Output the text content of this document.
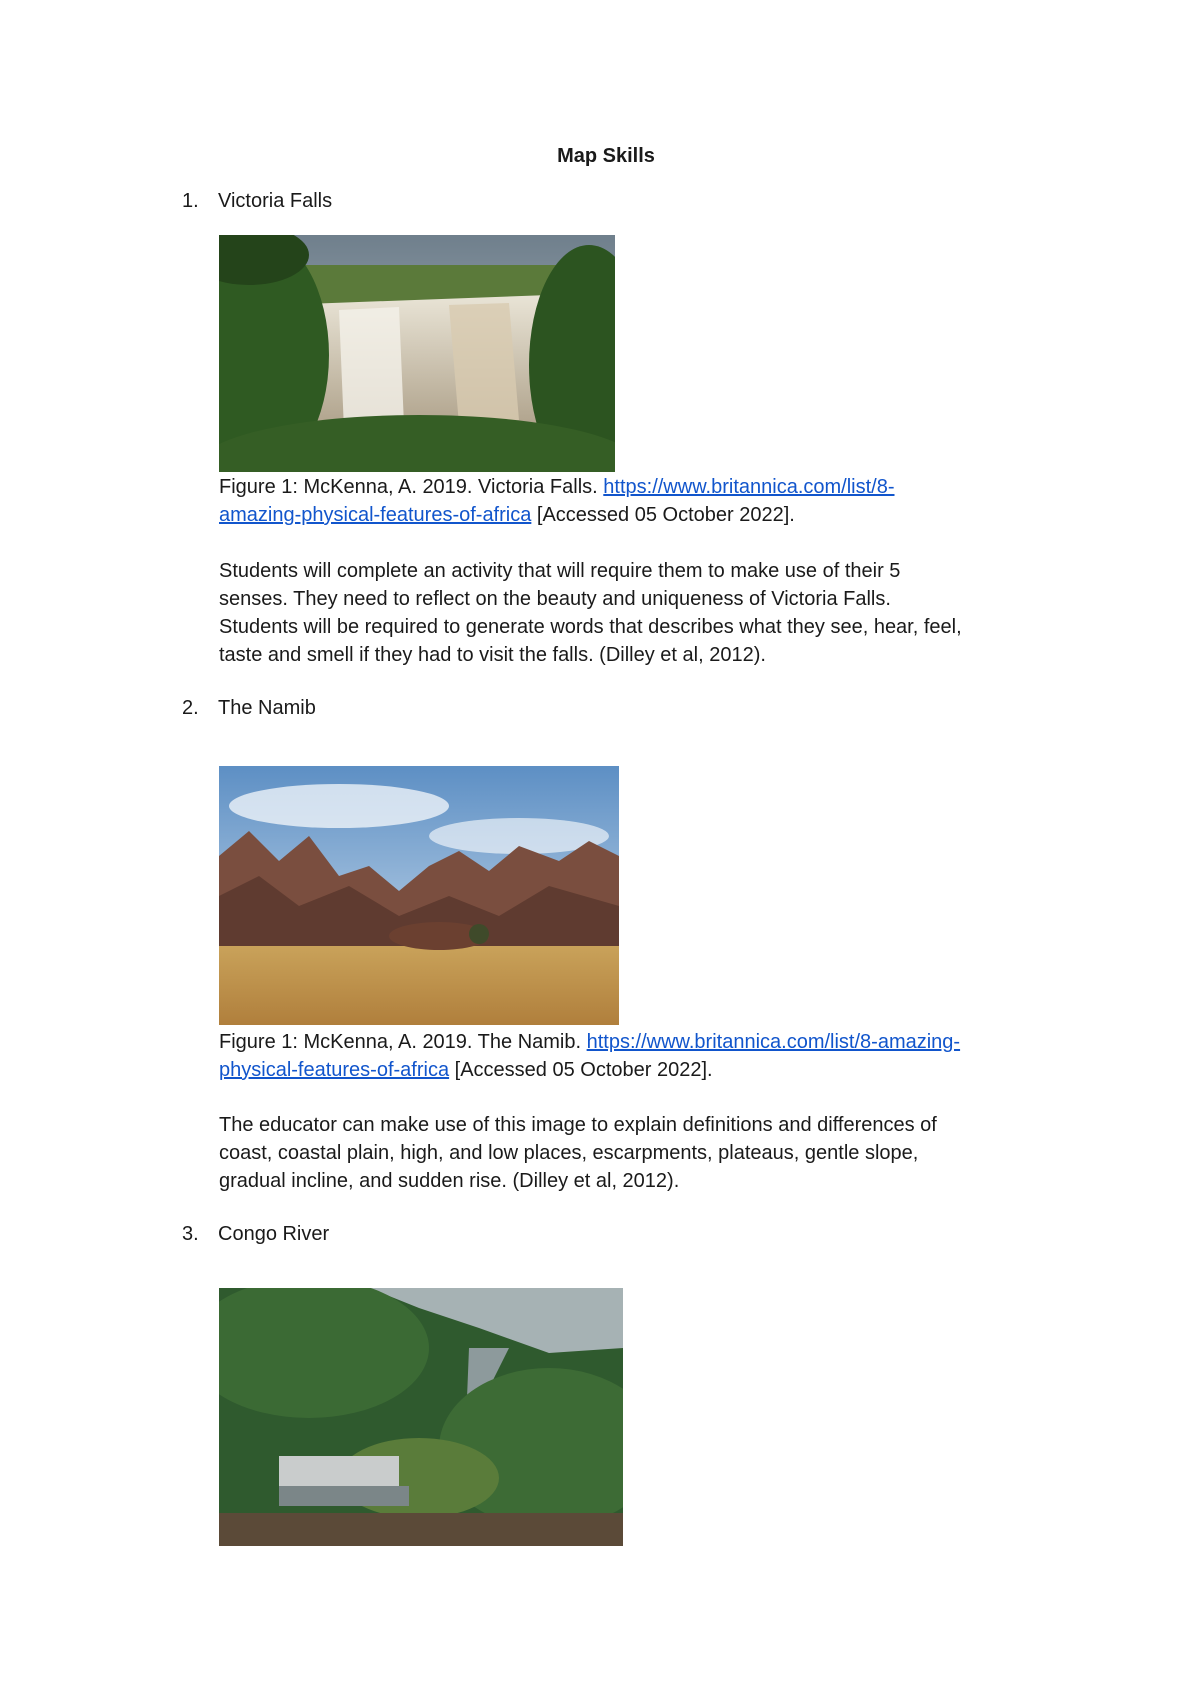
Map Skills
1. Victoria Falls
Figure 1: McKenna, A. 2019. Victoria Falls. https://www.britannica.com/list/8-
amazing-physical-features-of-africa [Accessed 05 October 2022].
Students will complete an activity that will require them to make use of their 5
senses. They need to reflect on the beauty and uniqueness of Victoria Falls.
Students will be required to generate words that describes what they see, hear, feel,
taste and smell if they had to visit the falls. (Dilley et al, 2012).
2. The Namib
Figure 1: McKenna, A. 2019. The Namib. https://www.britannica.com/list/8-amazing-
physical-features-of-africa [Accessed 05 October 2022].
The educator can make use of this image to explain definitions and differences of
coast, coastal plain, high, and low places, escarpments, plateaus, gentle slope,
gradual incline, and sudden rise. (Dilley et al, 2012).
3. Congo River
